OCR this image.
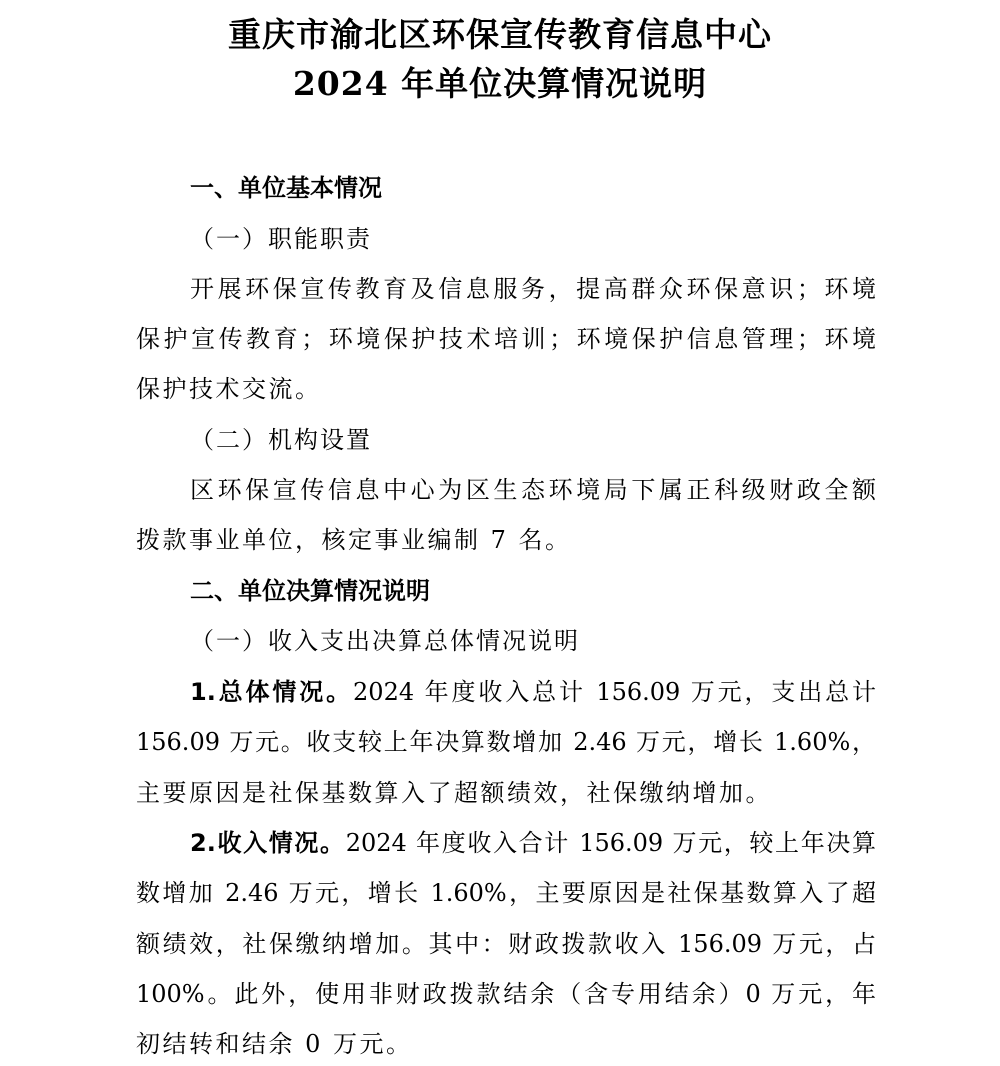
重庆市渝北区环保宣传教育信息中心
2024 年单位决算情况说明
一、单位基本情况
（一）职能职责
开展环保宣传教育及信息服务，提高群众环保意识；环境
保护宣传教育；环境保护技术培训；环境保护信息管理；环境
保护技术交流。
（二）机构设置
区环保宣传信息中心为区生态环境局下属正科级财政全额
拨款事业单位，核定事业编制 7 名。
二、单位决算情况说明
（一）收入支出决算总体情况说明
1.总体情况。2024 年度收入总计 156.09 万元，支出总计
156.09 万元。收支较上年决算数增加 2.46 万元，增长 1.60%，
主要原因是社保基数算入了超额绩效，社保缴纳增加。
2.收入情况。2024 年度收入合计 156.09 万元，较上年决算
数增加 2.46 万元，增长 1.60%，主要原因是社保基数算入了超
额绩效，社保缴纳增加。其中：财政拨款收入 156.09 万元，占
100%。此外，使用非财政拨款结余（含专用结余）0 万元，年
初结转和结余 0 万元。
